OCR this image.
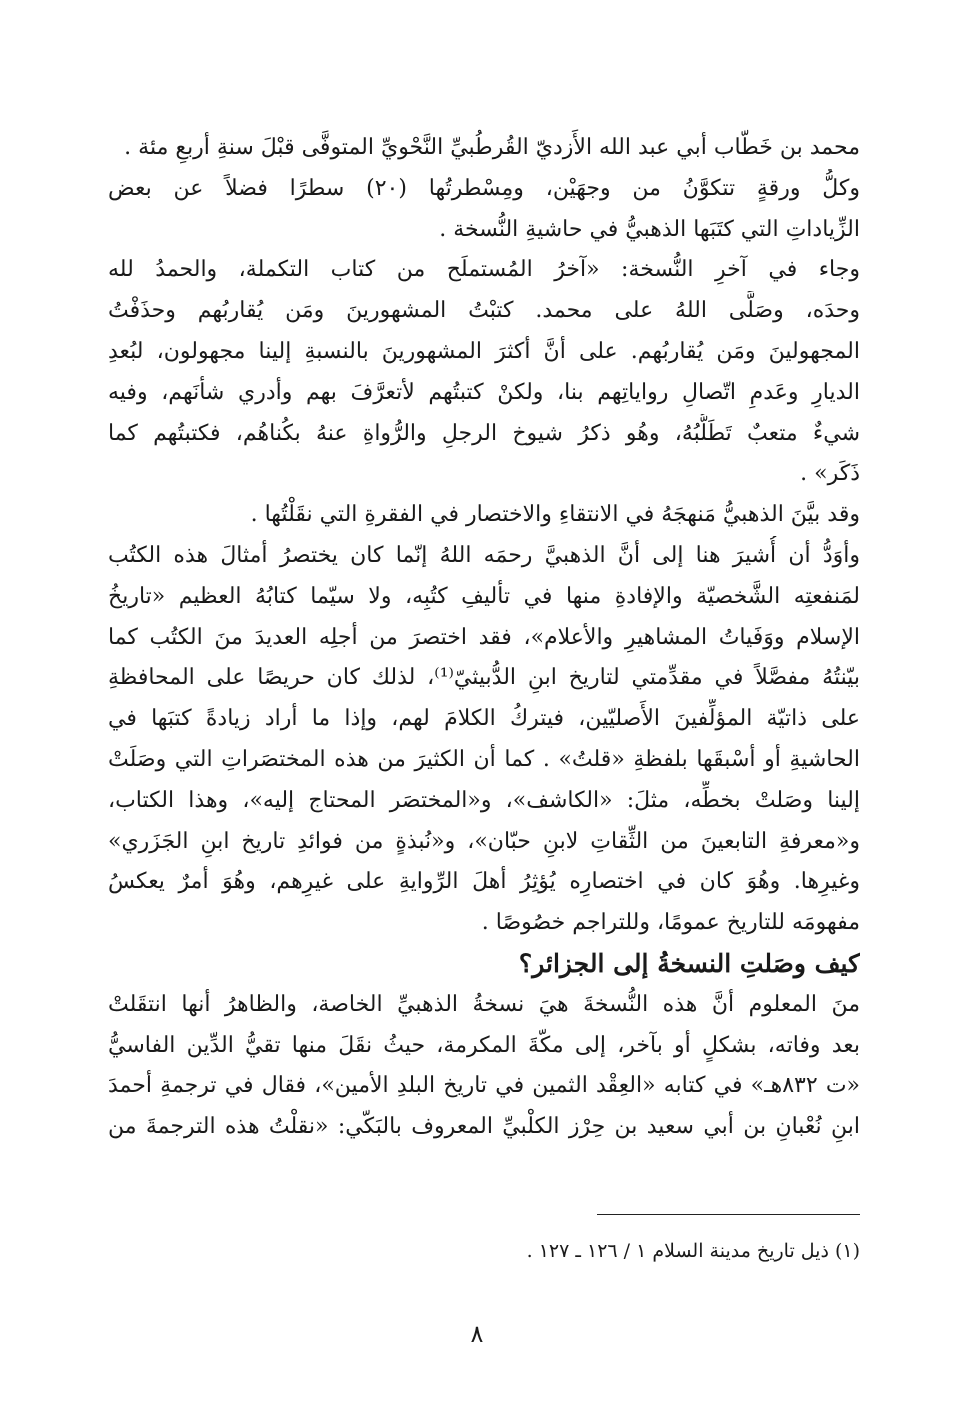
محمد بن خَطّاب أبي عبد الله الأَزديّ القُرطُبيِّ النَّحْويِّ المتوفَّى قبْلَ سنةِ أربعِ مئة .
وكلُّ ورقةٍ تتكوَّنُ من وجهَيْن، ومِسْطرتُها (٢٠) سطرًا فضلاً عن بعض
الزِّياداتِ التي كتَبَها الذهبيُّ في حاشيةِ النُّسخة .
وجاء في آخرِ النُّسخة: «آخرُ المُستملَح من كتاب التكملة، والحمدُ لله
وحدَه، وصَلَّى اللهُ على محمد. كتبْتُ المشهورينَ ومَن يُقاربُهم وحذَفْتُ
المجهولينَ ومَن يُقاربُهم. على أنَّ أكثرَ المشهورينَ بالنسبةِ إلينا مجهولون، لبُعدِ
الديارِ وعَدمِ اتّصالِ رواياتِهم بنا، ولكنْ كتبتُهم لأتعرَّفَ بهم وأدري شأنَهم، وفيه
شيءٌ متعبٌ تَطَلُّبُهُ، وهُو ذكرُ شيوخ الرجلِ والرُّواةِ عنهُ بكُناهُم، فكتبتُهم كما
ذَكَر» .
وقد بيَّنَ الذهبيُّ مَنهجَهُ في الانتقاءِ والاختصار في الفقرةِ التي نقَلْتُها .
وأوَدُّ أن أُشيرَ هنا إلى أنَّ الذهبيَّ رحمَه اللهُ إنّما كان يختصرُ أمثالَ هذه الكتُب
لمَنفعتِه الشَّخصيّة والإفادةِ منها في تأليفِ كتُبِه، ولا سيّما كتابُهُ العظيم «تاريخُ
الإسلام ووَفَياتُ المشاهيرِ والأعلام»، فقد اختصرَ من أجلِه العديدَ منَ الكتُب كما
بيّنتُهُ مفصَّلاً في مقدِّمتي لتاريخ ابنِ الدُّبيثيّ⁽¹⁾، لذلك كان حريصًا على المحافظةِ
على ذاتيّة المؤلِّفينَ الأَصليّين، فيتركُ الكلامَ لهم، وإذا ما أراد زيادةً كتبَها في
الحاشيةِ أو أسْبقَها بلفظةِ «قلتُ» . كما أن الكثيرَ من هذه المختصَراتِ التي وصَلَتْ
إلينا وصَلتْ بخطِّه، مثلَ: «الكاشف»، و«المختصَر المحتاج إليه»، وهذا الكتاب،
و«معرفةِ التابعينَ من الثِّقاتِ لابنِ حبّان»، و«نُبذةٍ من فوائدِ تاريخ ابنِ الجَزَري»
وغيرِها. وهُوَ كان في اختصارِه يُؤثِرُ أهلَ الرِّوايةِ على غيرِهم، وهُوَ أمرٌ يعكسُ
مفهومَه للتاريخ عمومًا، وللتراجم خصُوصًا .
كيف وصَلتِ النسخةُ إلى الجزائر؟
منَ المعلوم أنَّ هذه النُّسخةَ هيَ نسخةُ الذهبيِّ الخاصة، والظاهرُ أنها انتقَلتْ
بعد وفاته، بشكلٍ أو بآخر، إلى مكّةَ المكرمة، حيثُ نقَلَ منها تقيُّ الدِّين الفاسيُّ
«ت ٨٣٢هـ» في كتابه «العِقْد الثمين في تاريخ البلدِ الأمين»، فقال في ترجمةِ أحمدَ
ابنِ نُعْبانِ بن أبي سعيد بن حِرْز الكلْبيِّ المعروف بالبَكّي: «نقلْتُ هذه الترجمةَ من
(١) ذيل تاريخ مدينة السلام ١ / ١٢٦ ـ ١٢٧ .
٨
